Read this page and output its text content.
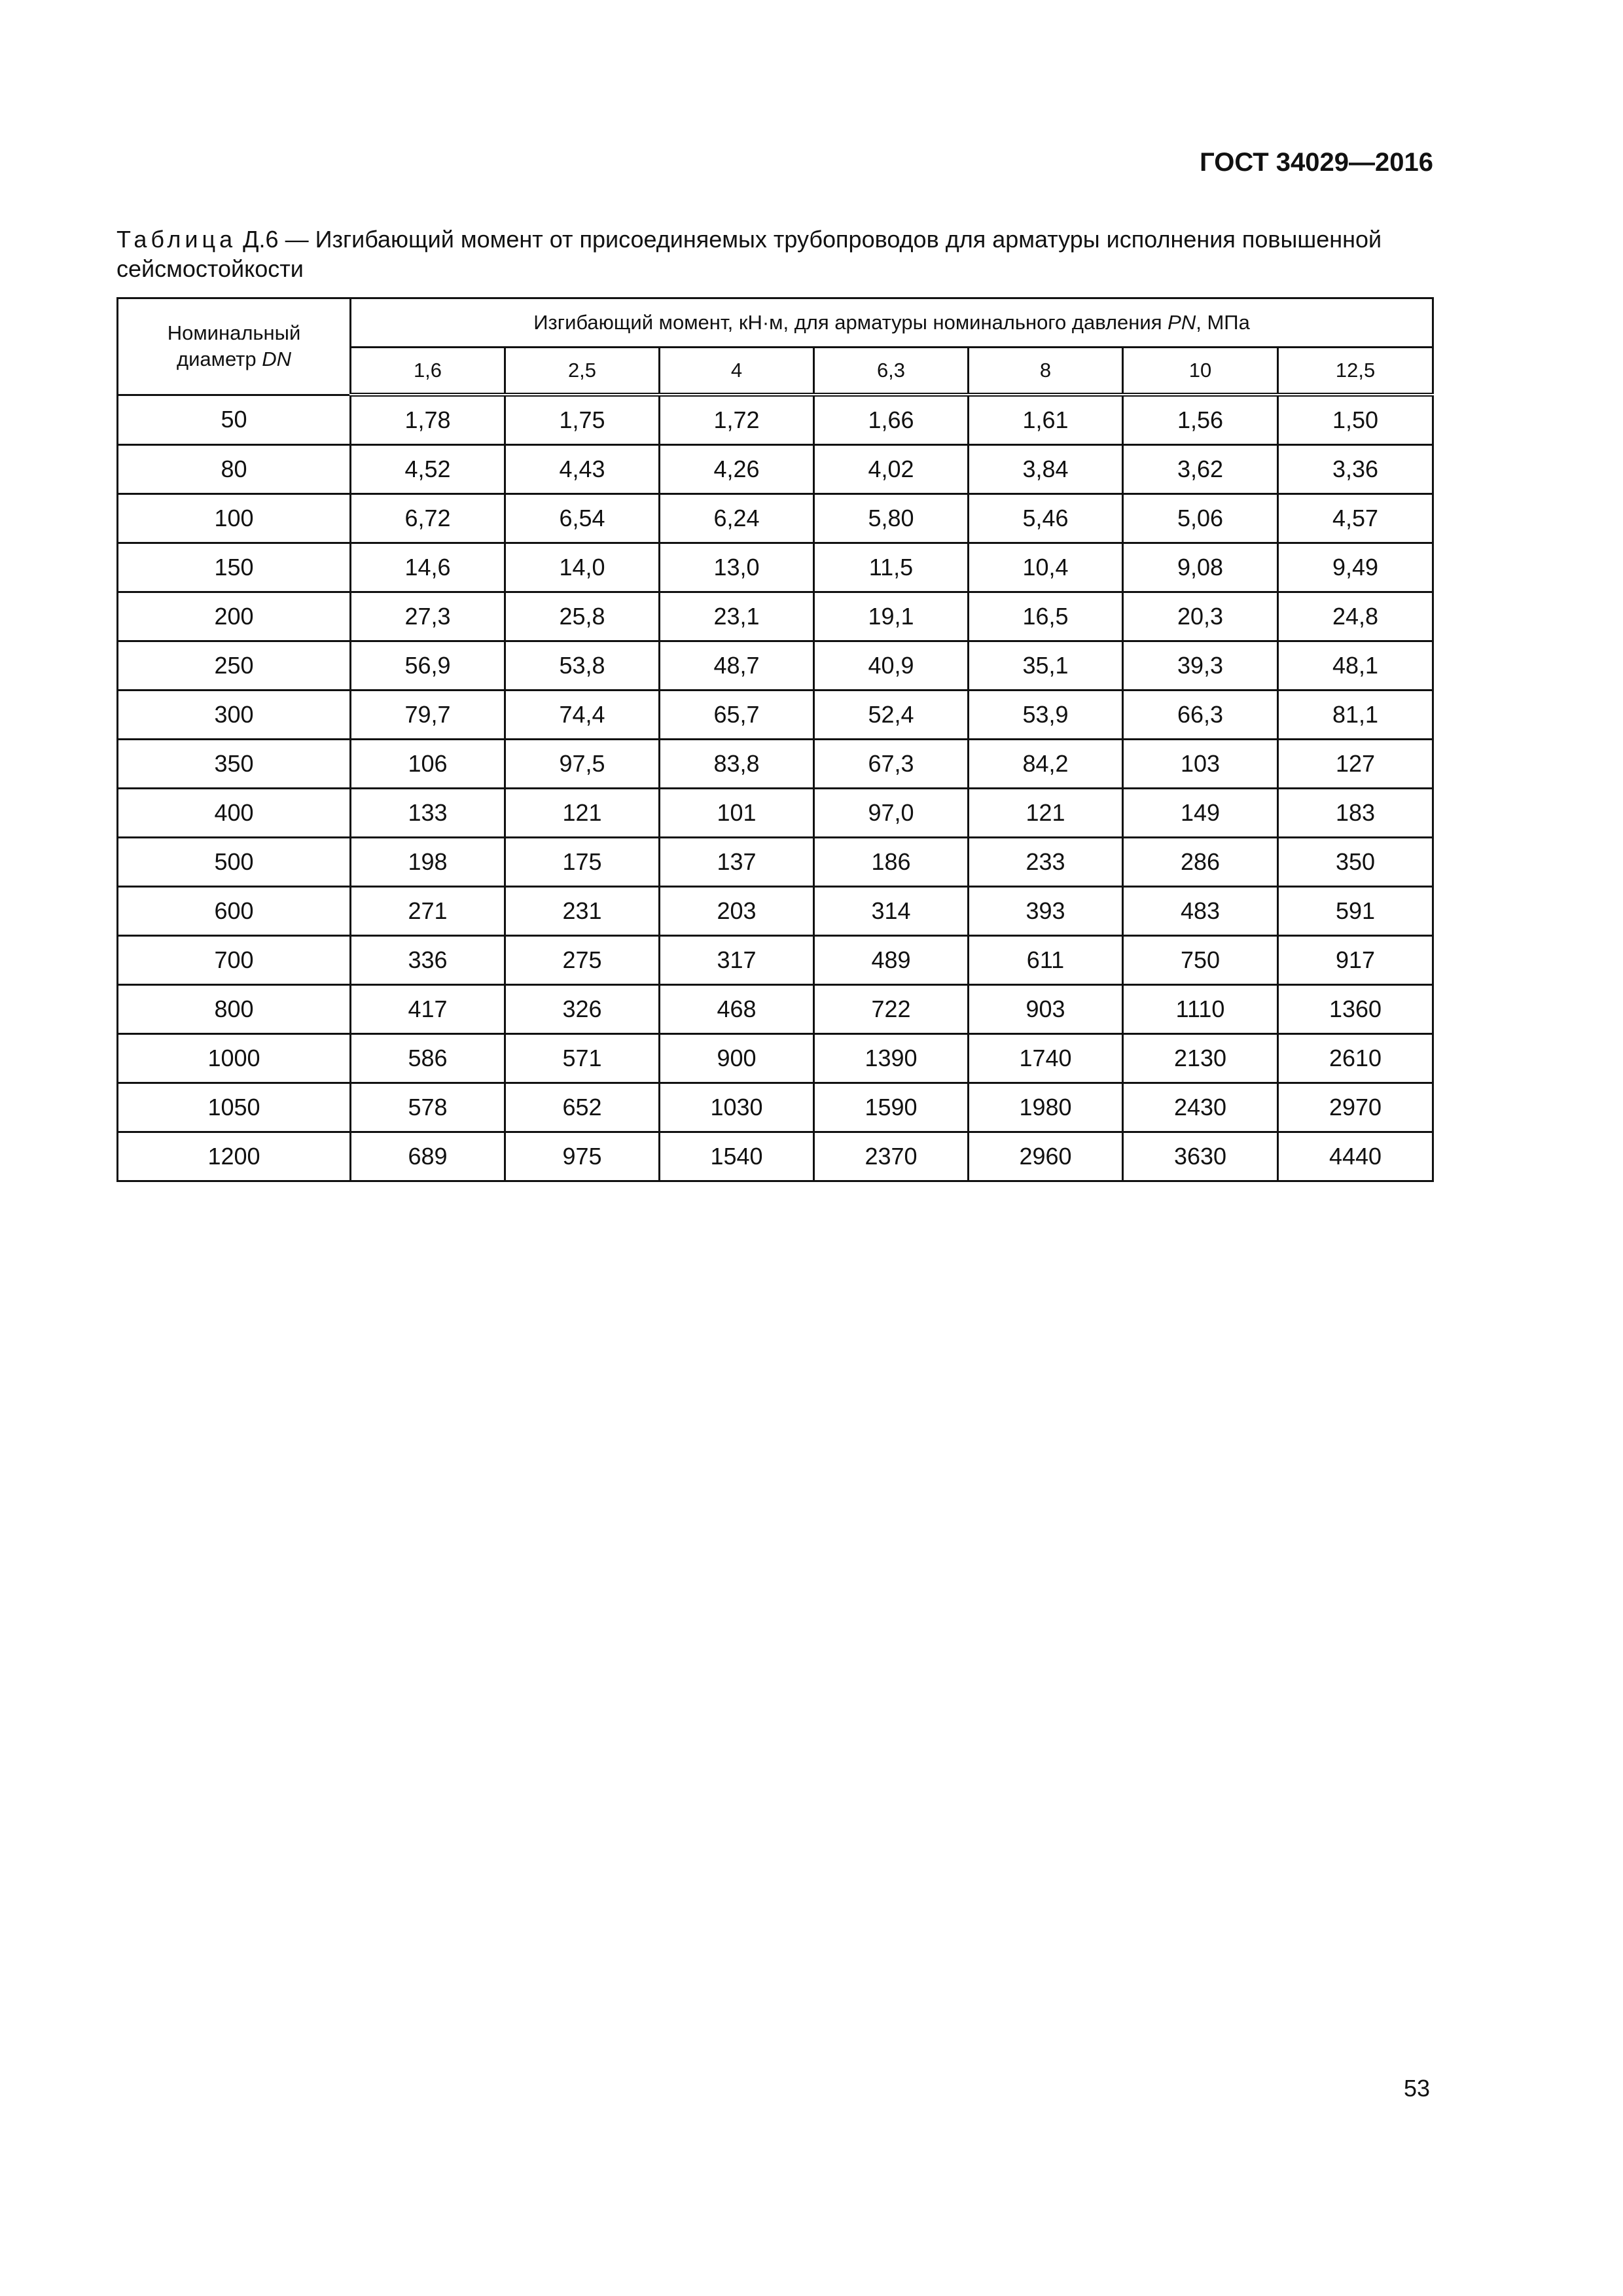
ГОСТ 34029—2016
Таблица Д.6 — Изгибающий момент от присоединяемых трубопроводов для арматуры исполнения повышенной сейсмостойкости
Номинальный
диаметр DN	Изгибающий момент, кН·м, для арматуры номинального давления PN, МПа						
	1,6	2,5	4	6,3	8	10	12,5
50	1,78	1,75	1,72	1,66	1,61	1,56	1,50
80	4,52	4,43	4,26	4,02	3,84	3,62	3,36
100	6,72	6,54	6,24	5,80	5,46	5,06	4,57
150	14,6	14,0	13,0	11,5	10,4	9,08	9,49
200	27,3	25,8	23,1	19,1	16,5	20,3	24,8
250	56,9	53,8	48,7	40,9	35,1	39,3	48,1
300	79,7	74,4	65,7	52,4	53,9	66,3	81,1
350	106	97,5	83,8	67,3	84,2	103	127
400	133	121	101	97,0	121	149	183
500	198	175	137	186	233	286	350
600	271	231	203	314	393	483	591
700	336	275	317	489	611	750	917
800	417	326	468	722	903	1110	1360
1000	586	571	900	1390	1740	2130	2610
1050	578	652	1030	1590	1980	2430	2970
1200	689	975	1540	2370	2960	3630	4440
53
